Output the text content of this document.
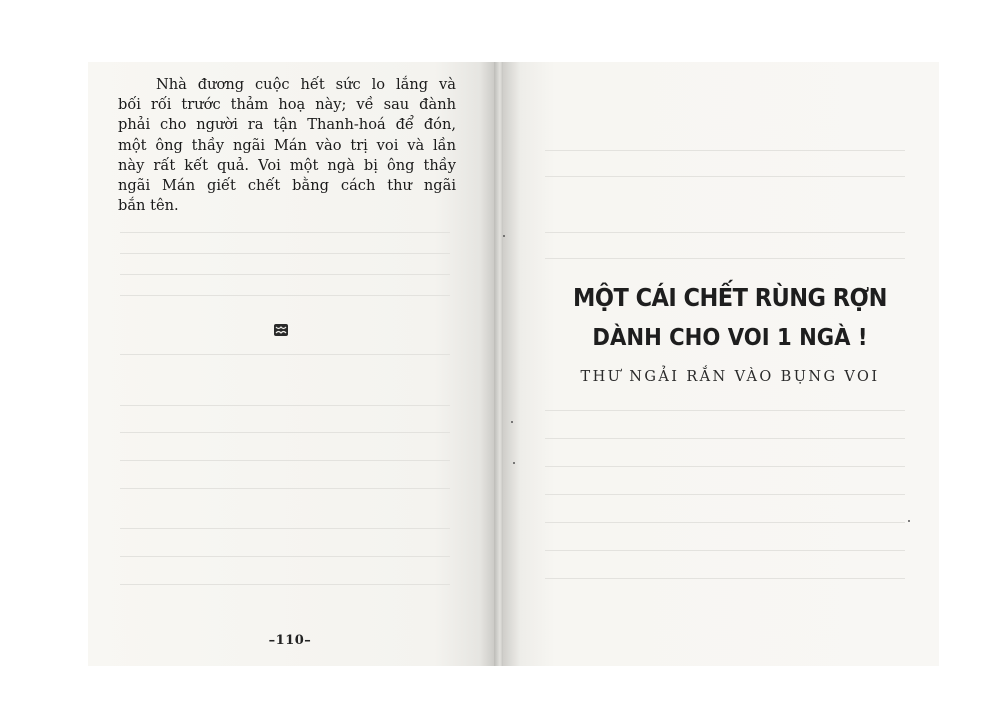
Nhà đương cuộc hết sức lo lắng và
bối rối trước thảm hoạ này; về sau đành
phải cho người ra tận Thanh-hoá để đón,
một ông thầy ngãi Mán vào trị voi và lần
này rất kết quả. Voi một ngà bị ông thầy
ngãi Mán giết chết bằng cách thư ngãi
bắn tên.
–110–
MỘT CÁI CHẾT RÙNG RỢN
DÀNH CHO VOI 1 NGÀ !
THƯ NGẢI RẮN VÀO BỤNG VOI
